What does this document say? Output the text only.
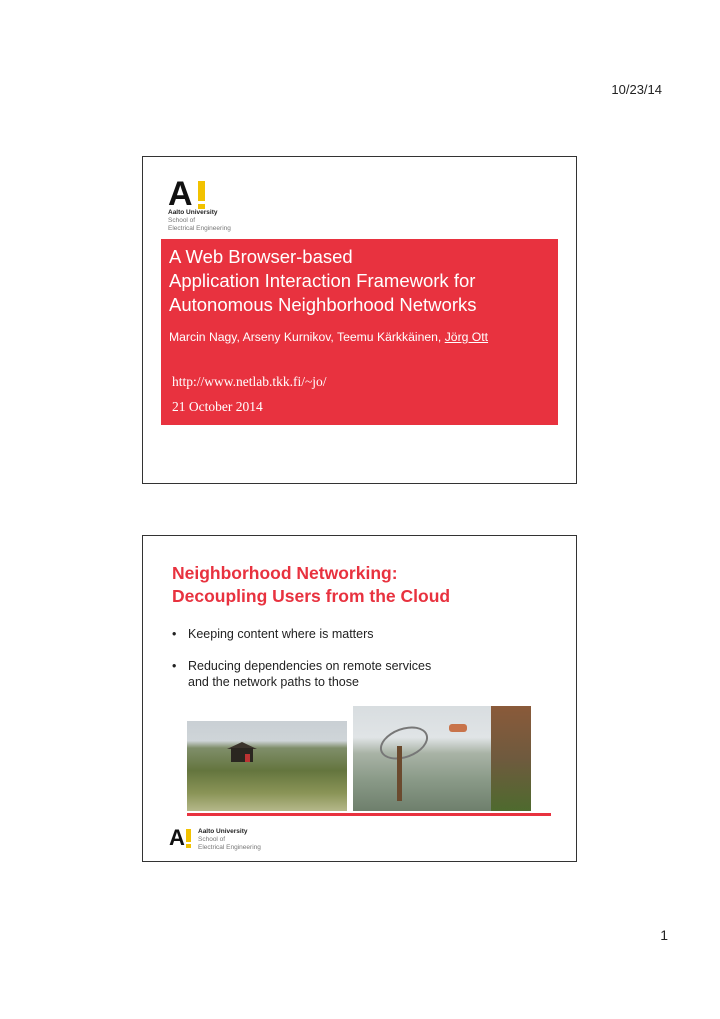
10/23/14
A
Aalto University
School of
Electrical Engineering
A Web Browser-based
Application Interaction Framework for
Autonomous Neighborhood Networks
Marcin Nagy, Arseny Kurnikov, Teemu Kärkkäinen, Jörg Ott
http://www.netlab.tkk.fi/~jo/
21 October 2014
Neighborhood Networking:
Decoupling Users from the Cloud
• Keeping content where is matters
• Reducing dependencies on remote services
and the network paths to those
A Aalto University
School of
Electrical Engineering
1
